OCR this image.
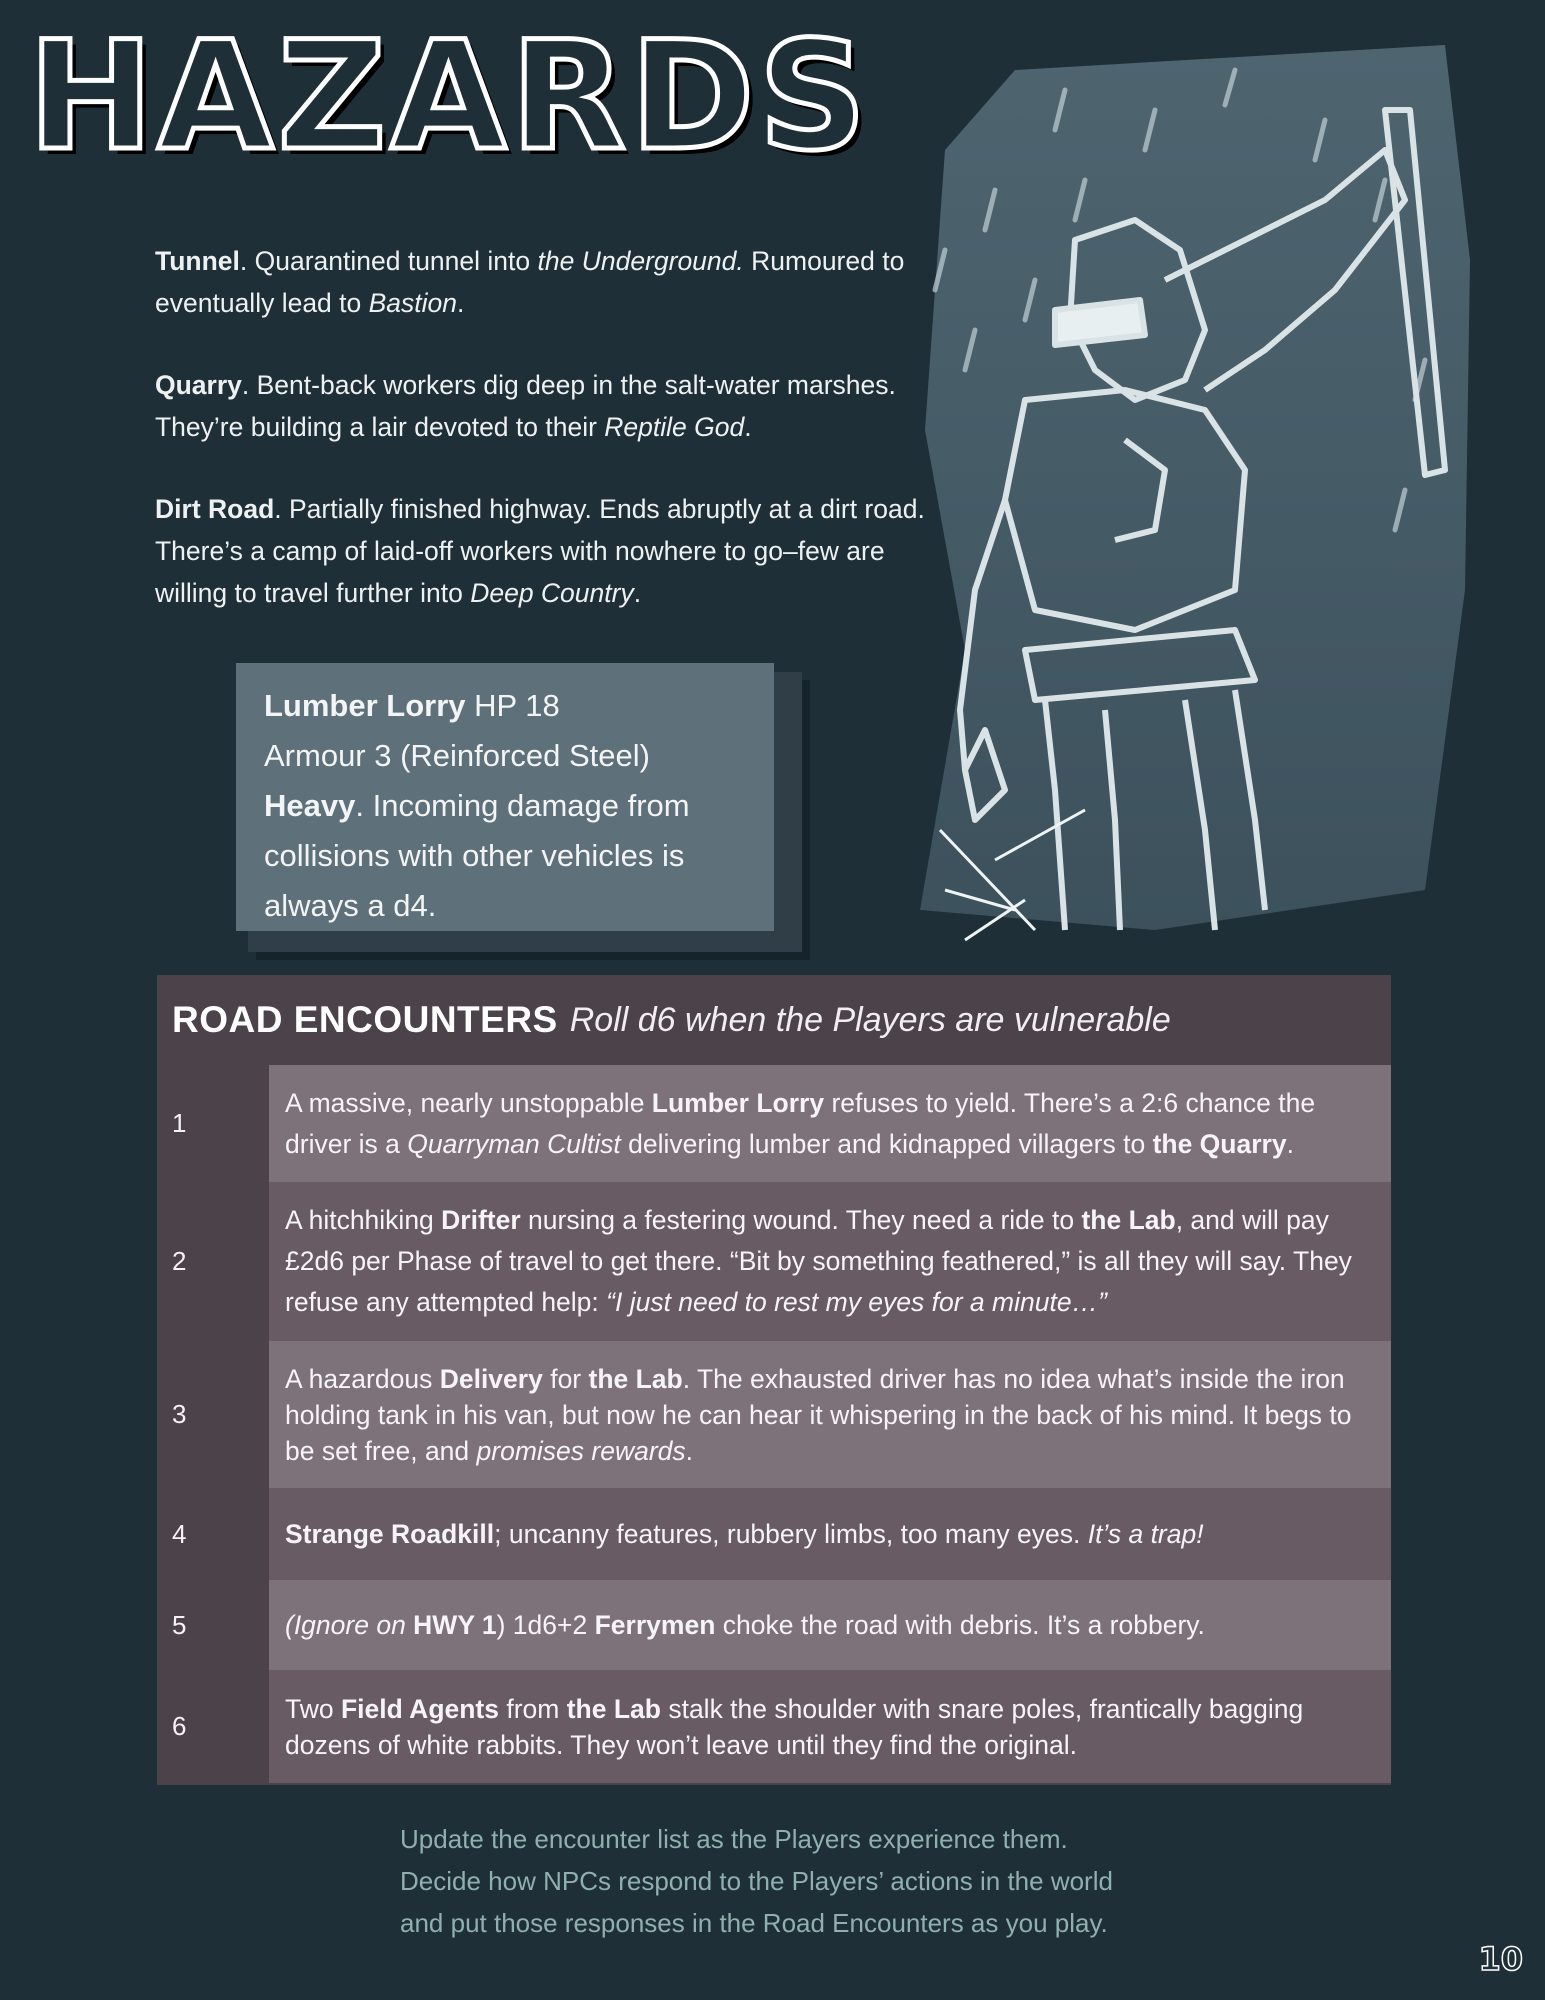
HAZARDS

Tunnel. Quarantined tunnel into the Underground. Rumoured to eventually lead to Bastion.

Quarry. Bent-back workers dig deep in the salt-water marshes. They’re building a lair devoted to their Reptile God.

Dirt Road. Partially finished highway. Ends abruptly at a dirt road. There’s a camp of laid-off workers with nowhere to go–few are willing to travel further into Deep Country.

Lumber Lorry HP 18
Armour 3 (Reinforced Steel)
Heavy. Incoming damage from collisions with other vehicles is always a d4.
ROAD ENCOUNTERS Roll d6 when the Players are vulnerable
1
A massive, nearly unstoppable Lumber Lorry refuses to yield. There’s a 2:6 chance the driver is a Quarryman Cultist delivering lumber and kidnapped villagers to the Quarry.
2
A hitchhiking Drifter nursing a festering wound. They need a ride to the Lab, and will pay £2d6 per Phase of travel to get there. “Bit by something feathered,” is all they will say. They refuse any attempted help: “I just need to rest my eyes for a minute…”
3
A hazardous Delivery for the Lab. The exhausted driver has no idea what’s inside the iron holding tank in his van, but now he can hear it whispering in the back of his mind. It begs to be set free, and promises rewards.
4	Strange Roadkill; uncanny features, rubbery limbs, too many eyes. It’s a trap!
5	(Ignore on HWY 1) 1d6+2 Ferrymen choke the road with debris. It’s a robbery.
6
Two Field Agents from the Lab stalk the shoulder with snare poles, frantically bagging dozens of white rabbits. They won’t leave until they find the original.
Update the encounter list as the Players experience them.
Decide how NPCs respond to the Players’ actions in the world
and put those responses in the Road Encounters as you play.
10
